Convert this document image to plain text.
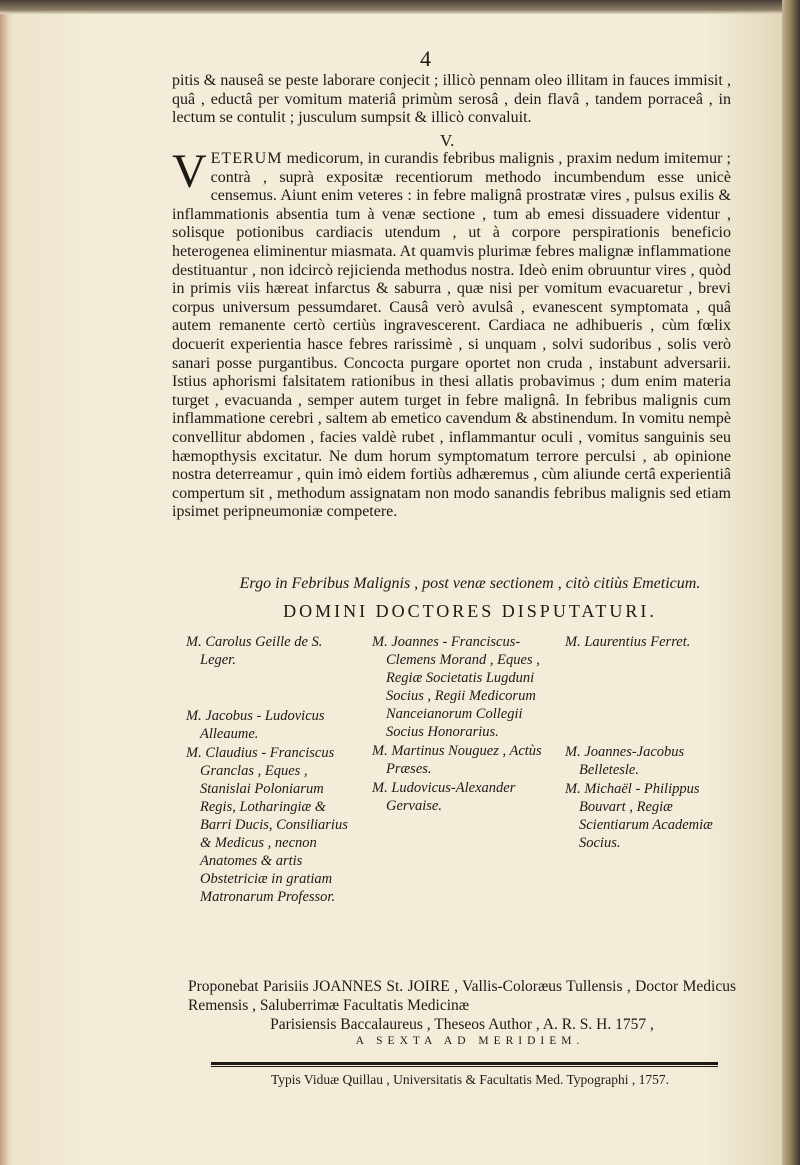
4

pitis & nauseâ se peste laborare conjecit ; illicò pennam oleo illitam in fauces immisit , quâ , eductâ per vomitum materiâ primùm serosâ , dein flavâ , tandem porraceâ , in lectum se contulit ; jusculum sumpsit & illicò convaluit.

V.
VETERUM medicorum, in curandis febribus malignis , praxim nedum imitemur ; contrà , suprà expositæ recentiorum methodo incumbendum esse unicè censemus. Aiunt enim veteres : in febre malignâ prostratæ vires , pulsus exilis & inflammationis absentia tum à venæ sectione , tum ab emesi dissuadere videntur , solisque potionibus cardiacis utendum , ut à corpore perspirationis beneficio heterogenea eliminentur miasmata. At quamvis plurimæ febres malignæ inflammatione destituantur , non idcircò rejicienda methodus nostra. Ideò enim obruuntur vires , quòd in primis viis hæreat infarctus & saburra , quæ nisi per vomitum evacuaretur , brevi corpus universum pessumdaret. Causâ verò avulsâ , evanescent symptomata , quâ autem remanente certò certiùs ingravescerent. Cardiaca ne adhibueris , cùm fœlix docuerit experientia hasce febres rarissimè , si unquam , solvi sudoribus , solis verò sanari posse purgantibus. Concocta purgare oportet non cruda , instabunt adversarii. Istius aphorismi falsitatem rationibus in thesi allatis probavimus ; dum enim materia turget , evacuanda , semper autem turget in febre malignâ. In febribus malignis cum inflammatione cerebri , saltem ab emetico cavendum & abstinendum. In vomitu nempè convellitur abdomen , facies valdè rubet , inflammantur oculi , vomitus sanguinis seu hæmopthysis excitatur. Ne dum horum symptomatum terrore perculsi , ab opinione nostra deterreamur , quin imò eidem fortiùs adhæremus , cùm aliunde certâ experientiâ compertum sit , methodum assignatam non modo sanandis febribus malignis sed etiam ipsimet peripneumoniæ competere.
Ergo in Febribus Malignis , post venæ sectionem , citò citiùs Emeticum.
DOMINI DOCTORES DISPUTATURI.
M. Carolus Geille de S. Leger.
M. Jacobus - Ludovicus Alleaume.
M. Claudius - Franciscus Granclas , Eques , Stanislai Poloniarum Regis, Lotharingiæ & Barri Ducis, Consiliarius & Medicus , necnon Anatomes & artis Obstetriciæ in gratiam Matronarum Professor.
M. Joannes - Franciscus-Clemens Morand , Eques , Regiæ Societatis Lugduni Socius , Regii Medicorum Nanceianorum Collegii Socius Honorarius.
M. Martinus Nouguez , Actùs Præses.
M. Ludovicus-Alexander Gervaise.
M. Laurentius Ferret.
M. Joannes-Jacobus Belletesle.
M. Michaël - Philippus Bouvart , Regiæ Scientiarum Academiæ Socius.
Proponebat Parisiis JOANNES St. JOIRE , Vallis-Coloræus Tullensis , Doctor Medicus Remensis , Saluberrimæ Facultatis Medicinæ
Parisiensis Baccalaureus , Theseos Author , A. R. S. H. 1757 ,
A SEXTA AD MERIDIEM.
Typis Viduæ Quillau , Universitatis & Facultatis Med. Typographi , 1757.
